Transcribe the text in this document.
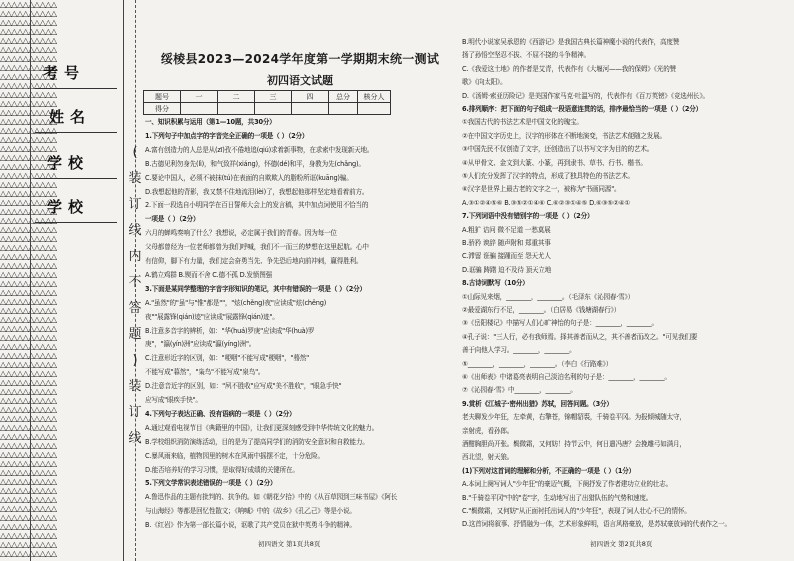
△△△△△△△△△△
△△△△△△△△△△
△△△△△△△△△△
△△△△△△△△△△
△△△△△△△△△△
△△△△△△△△△△
△△△△△△△△△△
△△△△△△△△△△
△△△△△△△△△△
△△△△△△△△△△
△△△△△△△△△△
△△△△△△△△△△
△△△△△△△△△△
△△△△△△△△△△
△△△△△△△△△△
△△△△△△△△△△
△△△△△△△△△△
△△△△△△△△△△
△△△△△△△△△△
△△△△△△△△△△
△△△△△△△△△△
△△△△△△△△△△
△△△△△△△△△△
△△△△△△△△△△
△△△△△△△△△△
△△△△△△△△△△
△△△△△△△△△△
△△△△△△△△△△
△△△△△△△△△△
△△△△△△△△△△
△△△△△△△△△△
△△△△△△△△△△
△△△△△△△△△△
△△△△△△△△△△
△△△△△△△△△△
△△△△△△△△△△
△△△△△△△△△△
△△△△△△△△△△
△△△△△△△△△△
△△△△△△△△△△
△△△△△△△△△△
△△△△△△△△△△
△△△△△△△△△△
△△△△△△△△△△
△△△△△△△△△△
△△△△△△△△△△
△△△△△△△△△△
△△△△△△△△△△
△△△△△△△△△△
△△△△△△△△△△
△△△△△△△△△△
△△△△△△△△△△
△△△△△△△△△△
△△△△△△△△△△
△△△△△△△△△△
△△△△△△△△△△
△△△△△△△△△△
△△△△△△△△△△
△△△△△△△△△△
△△△△△△△△△△
△△△△△△△△△△
△△△△△△△△△△
考号
姓名
学校
学校
(
装
订
线
内
不
答
题
)
装
订
线
绥棱县2023—2024学年度第一学期期末统一测试
初四语文试题
题号	一	二	三	四	总分	核分人
得分						
一、知识积累与运用（第1—10题，共30分）
1.下列句子中加点字的字音完全正确的一项是（ ）（2分）
A.富有创造力的人总是从(zī)孜不倦地追(qiú)求着新事物，在求索中发现新天地。
B.古德见利勿身先(lì)，和气致祥(xiáng)，怀德(dé)和平，身教为先(chǎng)。
C.要论中国人，必须不被抹(tú)在表面的自欺欺人的脂粉所诓(kuāng)骗。
D.我想起他的背影，我又禁不住地流泪(lèi)了，我想起他那样坚定地看着前方。
2.下面一段选自小明同学在百日誓师大会上的发言稿，其中加点词使用不恰当的
一项是（ ）（2分）
六月的蝉鸣奏响了什么？我想说，必定属于我们的青春。因为每一位
父母都曾经为一位老师都曾为我们呼喊，我们不一而三的梦想在这里起航。心中
有信仰，脚下有力量，我们定会奋勇当先、争先恐后地向前冲刺，赢得胜利。
A.鹤立鸡群 B.锲而不舍 C.德不孤 D.发愤图强
3.下面是某同学整理的字音字形知识的笔记，其中有错误的一项是（ ）（2分）
A."虽然"的"虽"与"惟"都是""，"炫(chěng)夜"应读成"炫(chěng)
夜""展露锋(qián)迹"应读成"展露锋(qián)迹"。
B.注意多音字的辨析，如："华(huá)罗庚"应读成"华(huà)罗
庚"，"瀛(yín)洲"应读成"瀛(yíng)洲"。
C.注意形近字的区别，如："哽咽"不能写成"梗咽"，"蓦然"
不能写成"暮然"，"枭鸟"不能写成"泉鸟"。
D.注意音近字的区别，如："夙不胜收"应写成"美不胜收"，"眼急手快"
应写成"眼疾手快"。
4.下列句子表达正确、没有语病的一项是（ ）（2分）
A.通过观看电视节目《典籍里的中国》，让我们更深刻感受到中华传统文化的魅力。
B.学校组织消防演练活动，目的是为了提高同学们的消防安全意识和自救能力。
C.暴风雨来临，植物园里的树木在风雨中摇摆不定，十分危险。
D.能否培养好的学习习惯，是取得好成绩的关键所在。
5.下列文学常识表述错误的一项是（ ）（2分）
A.鲁迅作品的主题有批判的、抗争的。如《朝花夕拾》中的《从百草园到三味书屋》《阿长
与山海经》等都是回忆性散文；《呐喊》中的《故乡》《孔乙己》等是小说。
B.《红岩》作为第一部长篇小说，讴歌了共产党员在狱中英勇斗争的精神。
B.明代小说家吴承恩的《西游记》是我国古典长篇神魔小说的代表作，高度赞
扬了孙悟空坚忍不拔、不屈不挠的斗争精神。
C.《我爱这土地》的作者是艾青，代表作有《大堰河——我的保姆》《光的赞
歌》《向太阳》。
D.《汤姆·索亚历险记》是美国作家马克·吐温写的，代表作有《百万英镑》《竞选州长》。
6.排列顺序：把下面的句子组成一段语意连贯的话，排序最恰当的一项是（ ）（2分）
①我国古代的书法艺术是中国文化的瑰宝。
②在中国文字历史上，汉字的形体在不断地演变，书法艺术便随之发展。
③中国先民不仅创造了文字，还创造出了以书写文字为目的的艺术。
④从甲骨文、金文到大篆、小篆，再到隶书、草书、行书、楷书。
⑤人们充分发挥了汉字的特点，形成了独具特色的书法艺术。
⑥汉字是世界上最古老的文字之一，被称为"书画同源"。
A.③①②④⑤⑥ B.③⑤②①④⑥ C.⑥②③①④⑤ D.⑥③⑤②④①
7.下列词语中没有错别字的一项是（ ）（2分）
A.粗犷 诘问 微不足道 一愁莫展
B.骄矜 谀辞 随声附和 郑重其事
C.滞留 诳骗 接踵而至 怨天尤人
D.诓骗 踌躇 迫不及待 顶天立地
8.古诗词默写（10分）
①山际见来烟，________，________。（毛泽东《沁园春·雪》）
②最爱湖东行不足，________。（白居易《钱塘湖春行》）
③《岳阳楼记》中描写人们心旷神怡的句子是：________，________。
④孔子说："三人行，必有我师焉。择其善者而从之，其不善者而改之。"可见我们要
善于向他人学习。________，________。
⑤________，________，________。（李白《行路难》）
⑥《出师表》中诸葛亮表明自己淡泊名利的句子是：________，________。
⑦《沁园春·雪》中________，________。
9.赏析《江城子·密州出猎》苏轼，回答问题。（3分）
老夫聊发少年狂，左牵黄，右擎苍，锦帽貂裘，千骑卷平冈。为报倾城随太守，
亲射虎，看孙郎。
酒酣胸胆尚开张。鬓微霜，又何妨！持节云中，何日遣冯唐？会挽雕弓如满月，
西北望，射天狼。
(1)下列对这首词的理解和分析，不正确的一项是（ ）（1分）
A.本词上阕写词人"少年狂"的豪迈气概，下阕抒发了作者建功立业的壮志。
B."千骑卷平冈"中的"卷"字，生动地写出了出猎队伍的气势和速度。
C."鬓微霜，又何妨"从正面衬托出词人的"少年狂"，表现了词人壮心不已的情怀。
D.这首词将叙事、抒情融为一体，艺术形象鲜明，语言风格豪放，是苏轼豪放词的代表作之一。
初四语文 第1页共8页	初四语文 第2页共8页
